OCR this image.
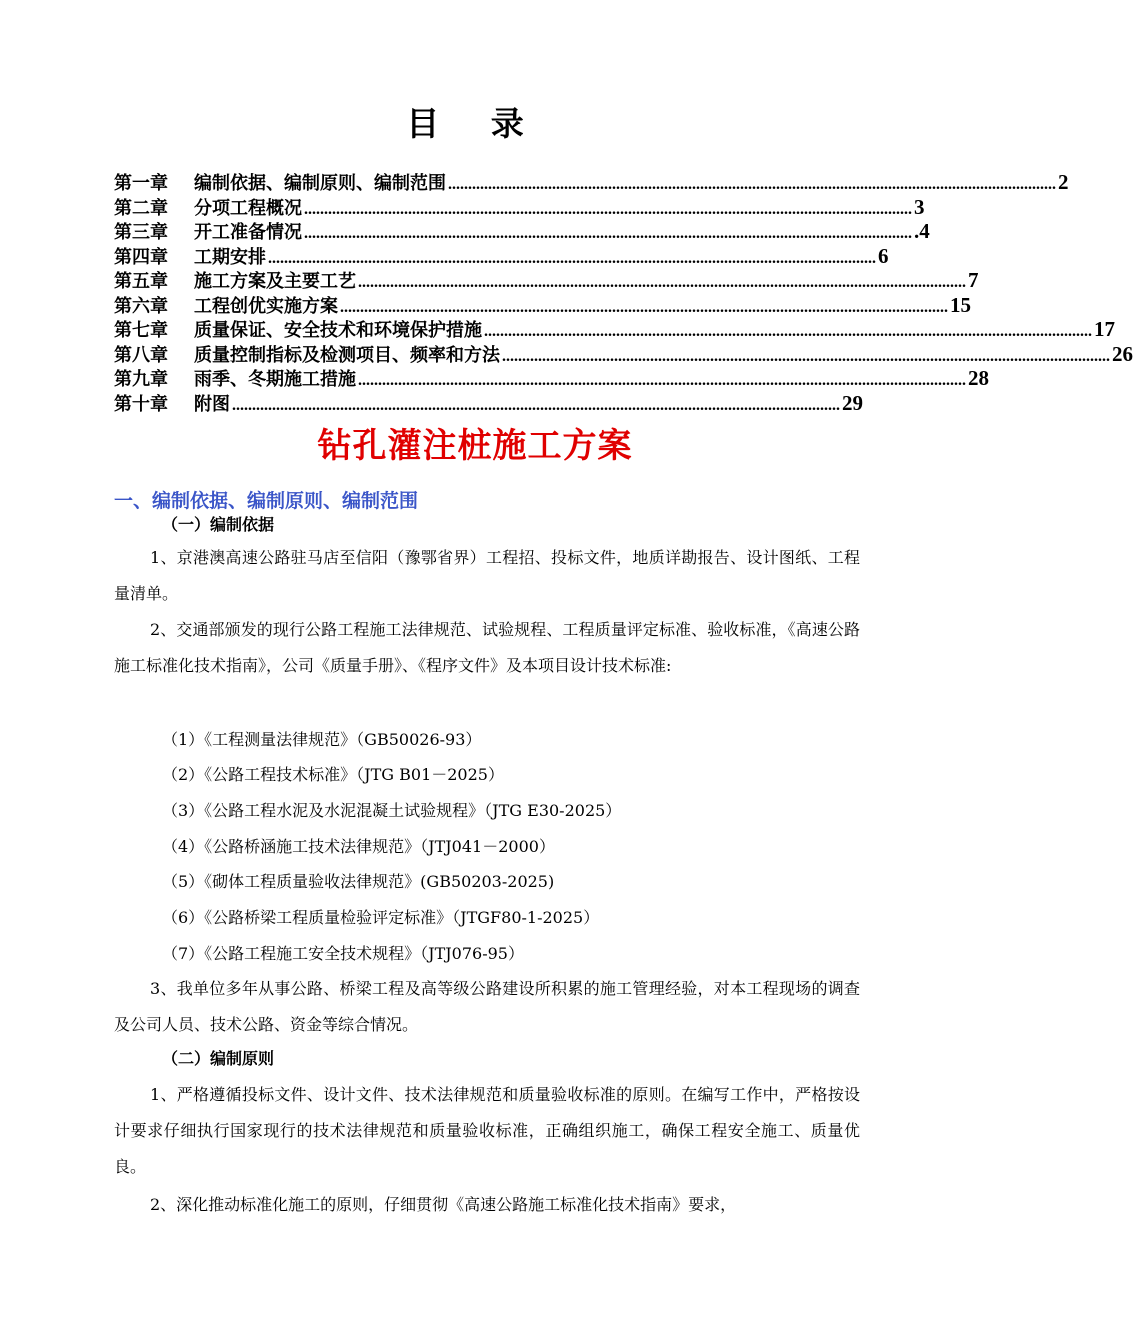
目 录
第一章	编制依据、编制原则、编制范围 ........................................................................................................................................................ 2
第二章	分项工程概况 ........................................................................................................................................................ 3
第三章	开工准备情况 ........................................................................................................................................................ .4
第四章	工期安排 ........................................................................................................................................................ 6
第五章	施工方案及主要工艺 ........................................................................................................................................................ 7
第六章	工程创优实施方案 ........................................................................................................................................................ 15
第七章	质量保证、安全技术和环境保护措施 ........................................................................................................................................................ 17
第八章	质量控制指标及检测项目、频率和方法 ........................................................................................................................................................ 26
第九章	雨季、冬期施工措施 ........................................................................................................................................................ 28
第十章	附图 ........................................................................................................................................................ 29
钻孔灌注桩施工方案
一、编制依据、编制原则、编制范围
（一）编制依据
1、京港澳高速公路驻马店至信阳（豫鄂省界）工程招、投标文件，地质详勘报告、设计图纸、工程量清单。
2、交通部颁发的现行公路工程施工法律规范、试验规程、工程质量评定标准、验收标准，《高速公路施工标准化技术指南》，公司《质量手册》、《程序文件》及本项目设计技术标准:
（1）《工程测量法律规范》（GB50026-93）
（2）《公路工程技术标准》（JTG B01－2025）
（3）《公路工程水泥及水泥混凝土试验规程》（JTG E30-2025）
（4）《公路桥涵施工技术法律规范》（JTJ041－2000）
（5）《砌体工程质量验收法律规范》(GB50203-2025)
（6）《公路桥梁工程质量检验评定标准》（JTGF80-1-2025）
（7）《公路工程施工安全技术规程》（JTJ076-95）
3、我单位多年从事公路、桥梁工程及高等级公路建设所积累的施工管理经验，对本工程现场的调查及公司人员、技术公路、资金等综合情况。
（二）编制原则
1、严格遵循投标文件、设计文件、技术法律规范和质量验收标准的原则。在编写工作中，严格按设计要求仔细执行国家现行的技术法律规范和质量验收标准，正确组织施工，确保工程安全施工、质量优良。
2、深化推动标准化施工的原则，仔细贯彻《高速公路施工标准化技术指南》要求，
